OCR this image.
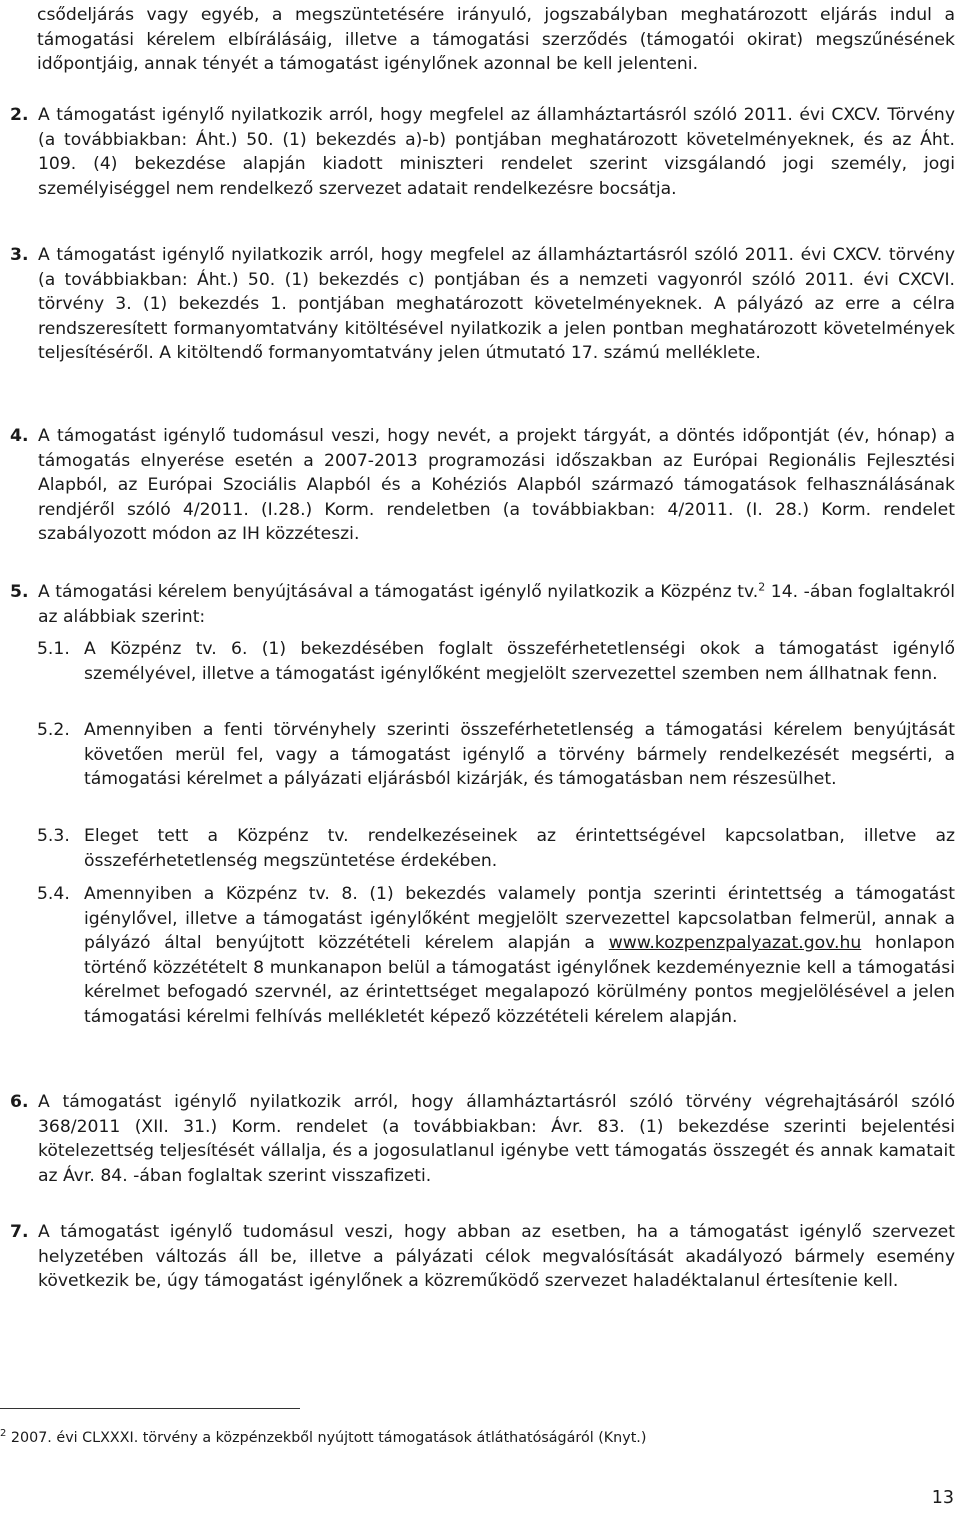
csődeljárás vagy egyéb, a megszüntetésére irányuló, jogszabályban meghatározott eljárás indul a támogatási kérelem elbírálásáig, illetve a támogatási szerződés (támogatói okirat) megszűnésének időpontjáig, annak tényét a támogatást igénylőnek azonnal be kell jelenteni.
2. A támogatást igénylő nyilatkozik arról, hogy megfelel az államháztartásról szóló 2011. évi CXCV. Törvény (a továbbiakban: Áht.) 50. (1) bekezdés a)-b) pontjában meghatározott követelményeknek, és az Áht. 109. (4) bekezdése alapján kiadott miniszteri rendelet szerint vizsgálandó jogi személy, jogi személyiséggel nem rendelkező szervezet adatait rendelkezésre bocsátja.
3. A támogatást igénylő nyilatkozik arról, hogy megfelel az államháztartásról szóló 2011. évi CXCV. törvény (a továbbiakban: Áht.) 50. (1) bekezdés c) pontjában és a nemzeti vagyonról szóló 2011. évi CXCVI. törvény 3. (1) bekezdés 1. pontjában meghatározott követelményeknek. A pályázó az erre a célra rendszeresített formanyomtatvány kitöltésével nyilatkozik a jelen pontban meghatározott követelmények teljesítéséről. A kitöltendő formanyomtatvány jelen útmutató 17. számú melléklete.
4. A támogatást igénylő tudomásul veszi, hogy nevét, a projekt tárgyát, a döntés időpontját (év, hónap) a támogatás elnyerése esetén a 2007-2013 programozási időszakban az Európai Regionális Fejlesztési Alapból, az Európai Szociális Alapból és a Kohéziós Alapból származó támogatások felhasználásának rendjéről szóló 4/2011. (I.28.) Korm. rendeletben (a továbbiakban: 4/2011. (I. 28.) Korm. rendelet szabályozott módon az IH közzéteszi.
5. A támogatási kérelem benyújtásával a támogatást igénylő nyilatkozik a Közpénz tv.$^2$ 14. -ában foglaltakról az alábbiak szerint:
5.1. A Közpénz tv. 6. (1) bekezdésében foglalt összeférhetetlenségi okok a támogatást igénylő személyével, illetve a támogatást igénylőként megjelölt szervezettel szemben nem állhatnak fenn.
5.2. Amennyiben a fenti törvényhely szerinti összeférhetetlenség a támogatási kérelem benyújtását követően merül fel, vagy a támogatást igénylő a törvény bármely rendelkezését megsérti, a támogatási kérelmet a pályázati eljárásból kizárják, és támogatásban nem részesülhet.
5.3. Eleget tett a Közpénz tv. rendelkezéseinek az érintettségével kapcsolatban, illetve az összeférhetetlenség megszüntetése érdekében.
5.4. Amennyiben a Közpénz tv. 8. (1) bekezdés valamely pontja szerinti érintettség a támogatást igénylővel, illetve a támogatást igénylőként megjelölt szervezettel kapcsolatban felmerül, annak a pályázó által benyújtott közzétételi kérelem alapján a www.kozpenzpalyazat.gov.hu honlapon történő közzétételt 8 munkanapon belül a támogatást igénylőnek kezdeményeznie kell a támogatási kérelmet befogadó szervnél, az érintettséget megalapozó körülmény pontos megjelölésével a jelen támogatási kérelmi felhívás mellékletét képező közzétételi kérelem alapján.
6. A támogatást igénylő nyilatkozik arról, hogy államháztartásról szóló törvény végrehajtásáról szóló 368/2011 (XII. 31.) Korm. rendelet (a továbbiakban: Ávr. 83. (1) bekezdése szerinti bejelentési kötelezettség teljesítését vállalja, és a jogosulatlanul igénybe vett támogatás összegét és annak kamatait az Ávr. 84. -ában foglaltak szerint visszafizeti.
7. A támogatást igénylő tudomásul veszi, hogy abban az esetben, ha a támogatást igénylő szervezet helyzetében változás áll be, illetve a pályázati célok megvalósítását akadályozó bármely esemény következik be, úgy támogatást igénylőnek a közreműködő szervezet haladéktalanul értesítenie kell.
$^2$ 2007. évi CLXXXI. törvény a közpénzekből nyújtott támogatások átláthatóságáról (Knyt.)
13
